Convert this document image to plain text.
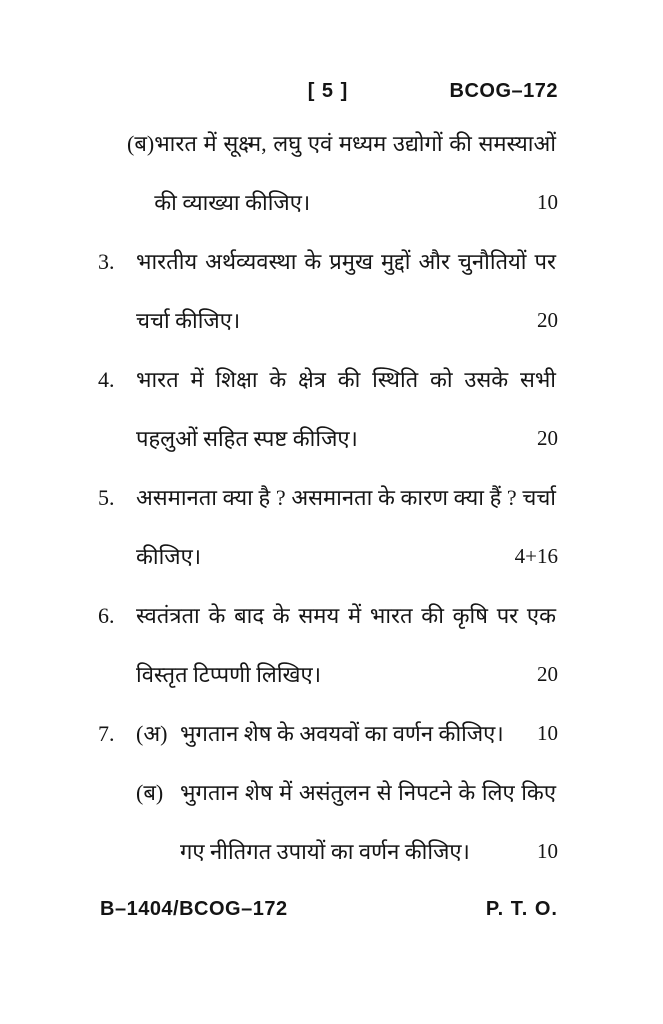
[ 5 ]	BCOG–172
(ब) भारत में सूक्ष्म, लघु एवं मध्यम उद्योगों की समस्याओं की व्याख्या कीजिए।	10
3. भारतीय अर्थव्यवस्था के प्रमुख मुद्दों और चुनौतियों पर चर्चा कीजिए।	20
4. भारत में शिक्षा के क्षेत्र की स्थिति को उसके सभी पहलुओं सहित स्पष्ट कीजिए।	20
5. असमानता क्या है ? असमानता के कारण क्या हैं ? चर्चा कीजिए।	4+16
6. स्वतंत्रता के बाद के समय में भारत की कृषि पर एक विस्तृत टिप्पणी लिखिए।	20
7. (अ) भुगतान शेष के अवयवों का वर्णन कीजिए। 10
(ब) भुगतान शेष में असंतुलन से निपटने के लिए किए गए नीतिगत उपायों का वर्णन कीजिए।	10
B–1404/BCOG–172	P. T. O.
